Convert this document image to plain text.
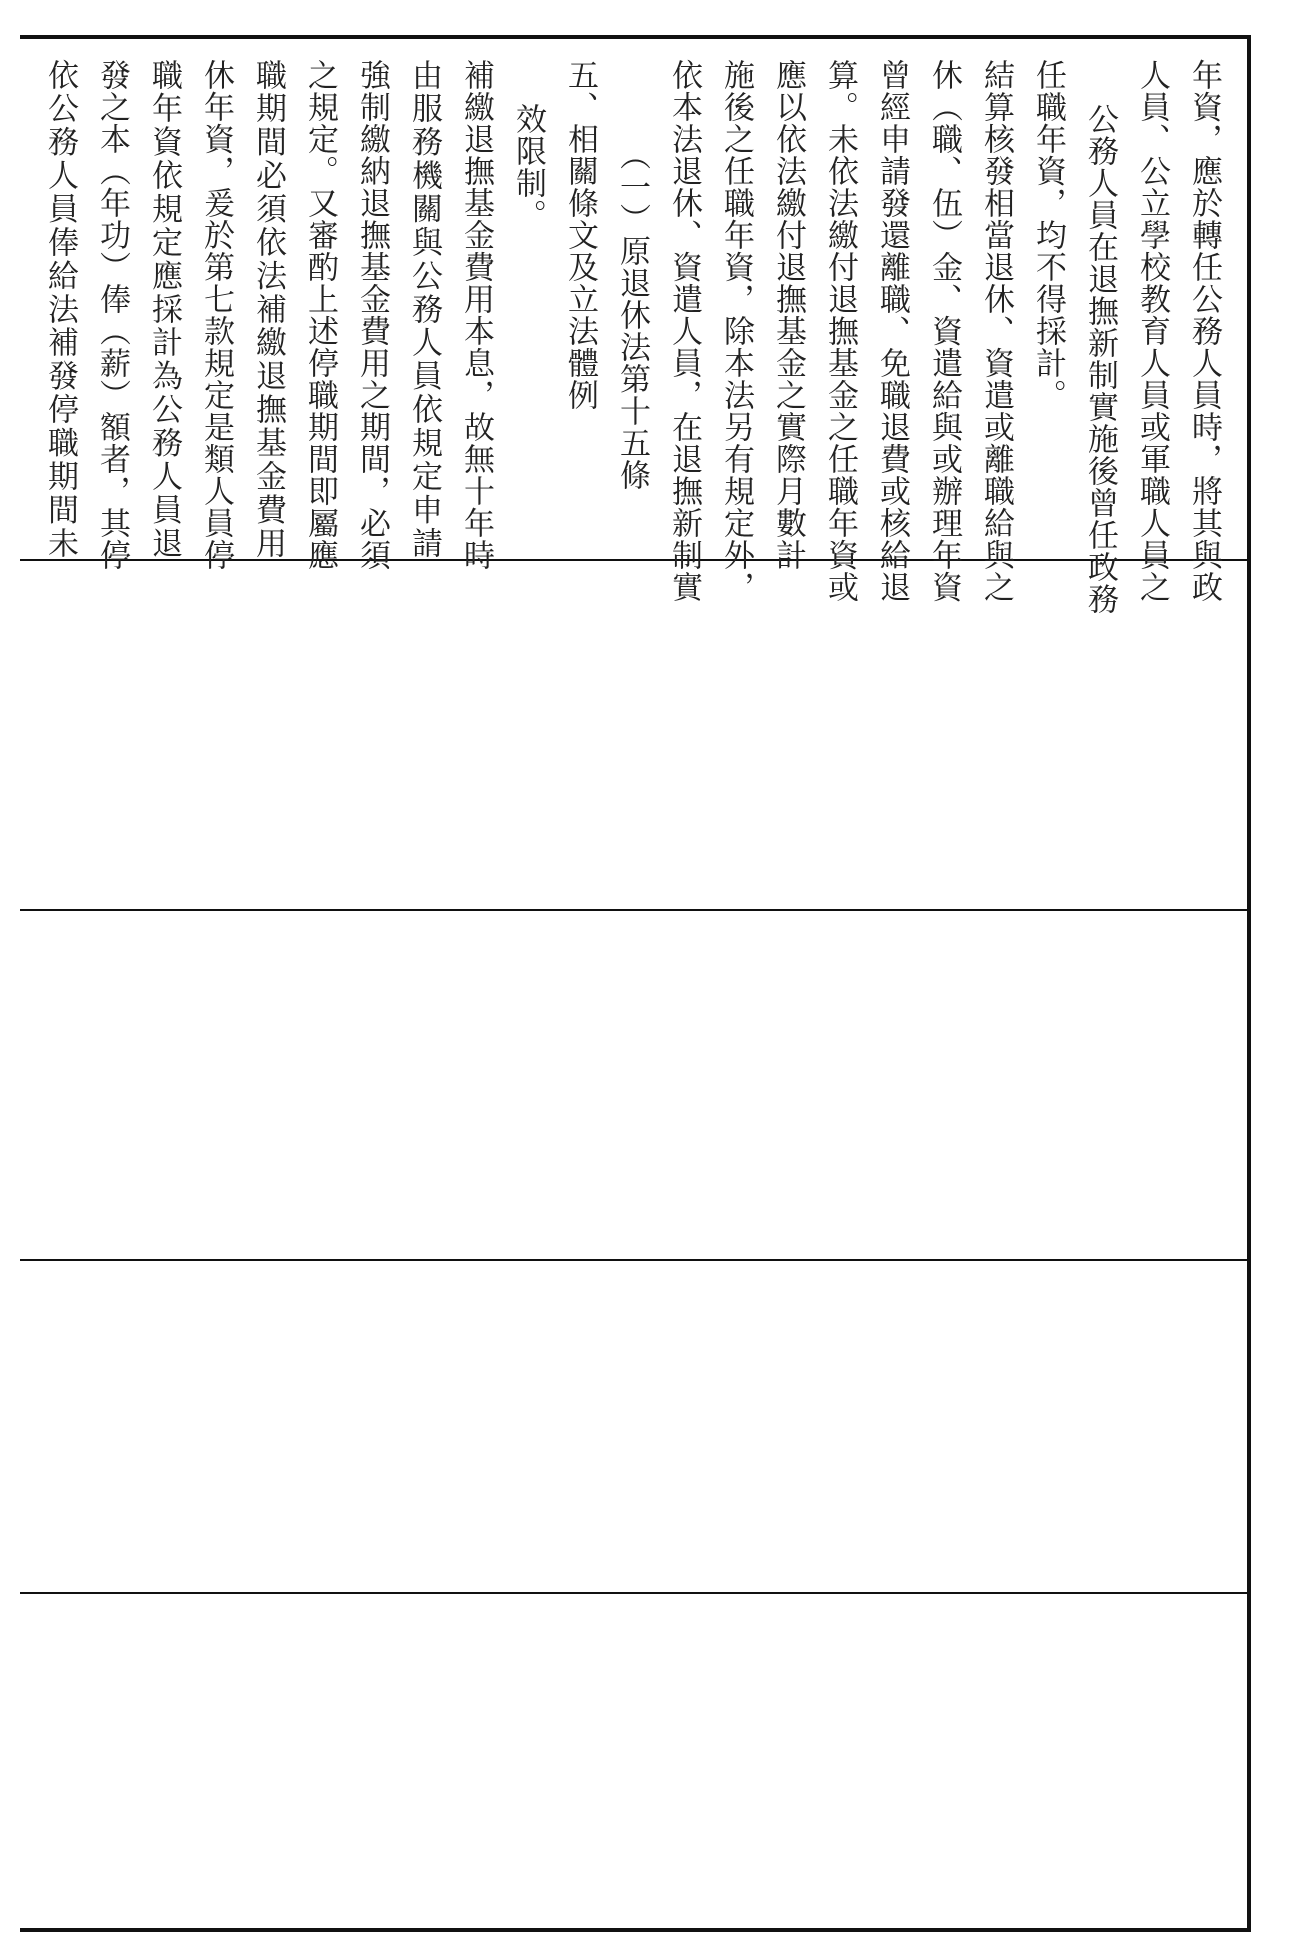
依公務人員俸給法補發停職期間未 發之本（年功）俸（薪）額者，其停 職年資依規定應採計為公務人員退 休年資，爰於第七款規定是類人員停 職期間必須依法補繳退撫基金費用 之規定。又審酌上述停職期間即屬應 強制繳納退撫基金費用之期間，必須 由服務機關與公務人員依規定申請 補繳退撫基金費用本息，故無十年時 效限制。 五、相關條文及立法體例 （一）原退休法第十五條 依本法退休、資遣人員，在退撫新制實 施後之任職年資，除本法另有規定外， 應以依法繳付退撫基金之實際月數計 算。未依法繳付退撫基金之任職年資或 曾經申請發還離職、免職退費或核給退 休（職、伍）金、資遣給與或辦理年資 結算核發相當退休、資遣或離職給與之 任職年資，均不得採計。 公務人員在退撫新制實施後曾任政務 人員、公立學校教育人員或軍職人員之 年資，應於轉任公務人員時，將其與政
